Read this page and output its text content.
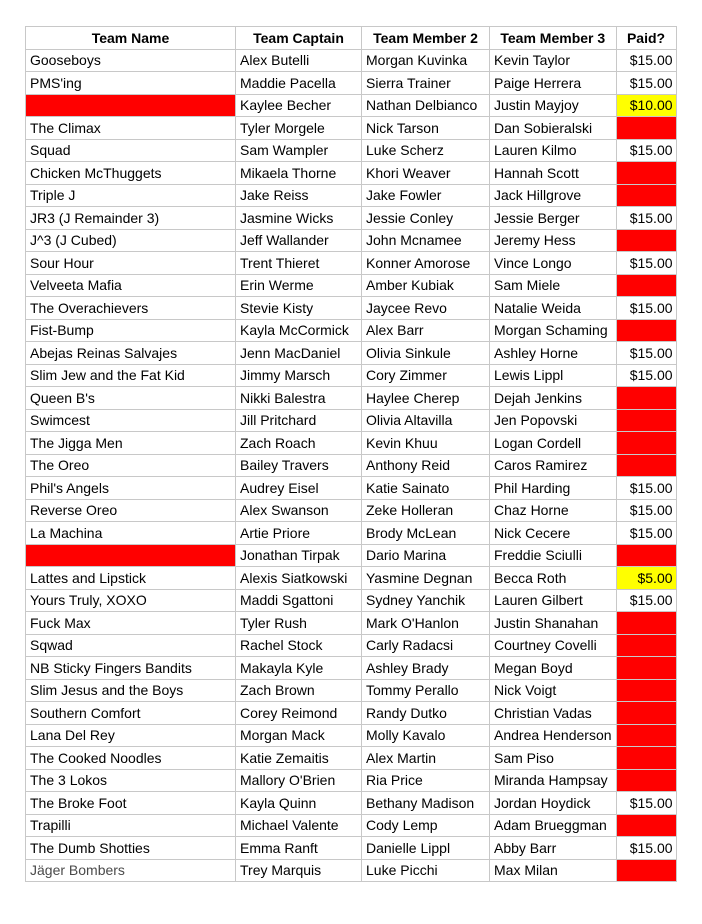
Team Name	Team Captain	Team Member 2	Team Member 3	Paid?
Gooseboys	Alex Butelli	Morgan Kuvinka	Kevin Taylor	$15.00
PMS'ing	Maddie Pacella	Sierra Trainer	Paige Herrera	$15.00
	Kaylee Becher	Nathan Delbianco	Justin Mayjoy	$10.00
The Climax	Tyler Morgele	Nick Tarson	Dan Sobieralski	
Squad	Sam Wampler	Luke Scherz	Lauren Kilmo	$15.00
Chicken McThuggets	Mikaela Thorne	Khori Weaver	Hannah Scott	
Triple J	Jake Reiss	Jake Fowler	Jack Hillgrove	
JR3 (J Remainder 3)	Jasmine Wicks	Jessie Conley	Jessie Berger	$15.00
J^3 (J Cubed)	Jeff Wallander	John Mcnamee	Jeremy Hess	
Sour Hour	Trent Thieret	Konner Amorose	Vince Longo	$15.00
Velveeta Mafia	Erin Werme	Amber Kubiak	Sam Miele	
The Overachievers	Stevie Kisty	Jaycee Revo	Natalie Weida	$15.00
Fist-Bump	Kayla McCormick	Alex Barr	Morgan Schaming	
Abejas Reinas Salvajes	Jenn MacDaniel	Olivia Sinkule	Ashley Horne	$15.00
Slim Jew and the Fat Kid	Jimmy Marsch	Cory Zimmer	Lewis Lippl	$15.00
Queen B's	Nikki Balestra	Haylee Cherep	Dejah Jenkins	
Swimcest	Jill Pritchard	Olivia Altavilla	Jen Popovski	
The Jigga Men	Zach Roach	Kevin Khuu	Logan Cordell	
The Oreo	Bailey Travers	Anthony Reid	Caros Ramirez	
Phil's Angels	Audrey Eisel	Katie Sainato	Phil Harding	$15.00
Reverse Oreo	Alex Swanson	Zeke Holleran	Chaz Horne	$15.00
La Machina	Artie Priore	Brody McLean	Nick Cecere	$15.00
	Jonathan Tirpak	Dario Marina	Freddie Sciulli	
Lattes and Lipstick	Alexis Siatkowski	Yasmine Degnan	Becca Roth	$5.00
Yours Truly, XOXO	Maddi Sgattoni	Sydney Yanchik	Lauren Gilbert	$15.00
Fuck Max	Tyler Rush	Mark O'Hanlon	Justin Shanahan	
Sqwad	Rachel Stock	Carly Radacsi	Courtney Covelli	
NB Sticky Fingers Bandits	Makayla Kyle	Ashley Brady	Megan Boyd	
Slim Jesus and the Boys	Zach Brown	Tommy Perallo	Nick Voigt	
Southern Comfort	Corey Reimond	Randy Dutko	Christian Vadas	
Lana Del Rey	Morgan Mack	Molly Kavalo	Andrea Henderson	
The Cooked Noodles	Katie Zemaitis	Alex Martin	Sam Piso	
The 3 Lokos	Mallory O'Brien	Ria Price	Miranda Hampsay	
The Broke Foot	Kayla Quinn	Bethany Madison	Jordan Hoydick	$15.00
Trapilli	Michael Valente	Cody Lemp	Adam Brueggman	
The Dumb Shotties	Emma Ranft	Danielle Lippl	Abby Barr	$15.00
Jäger Bombers	Trey Marquis	Luke Picchi	Max Milan	
